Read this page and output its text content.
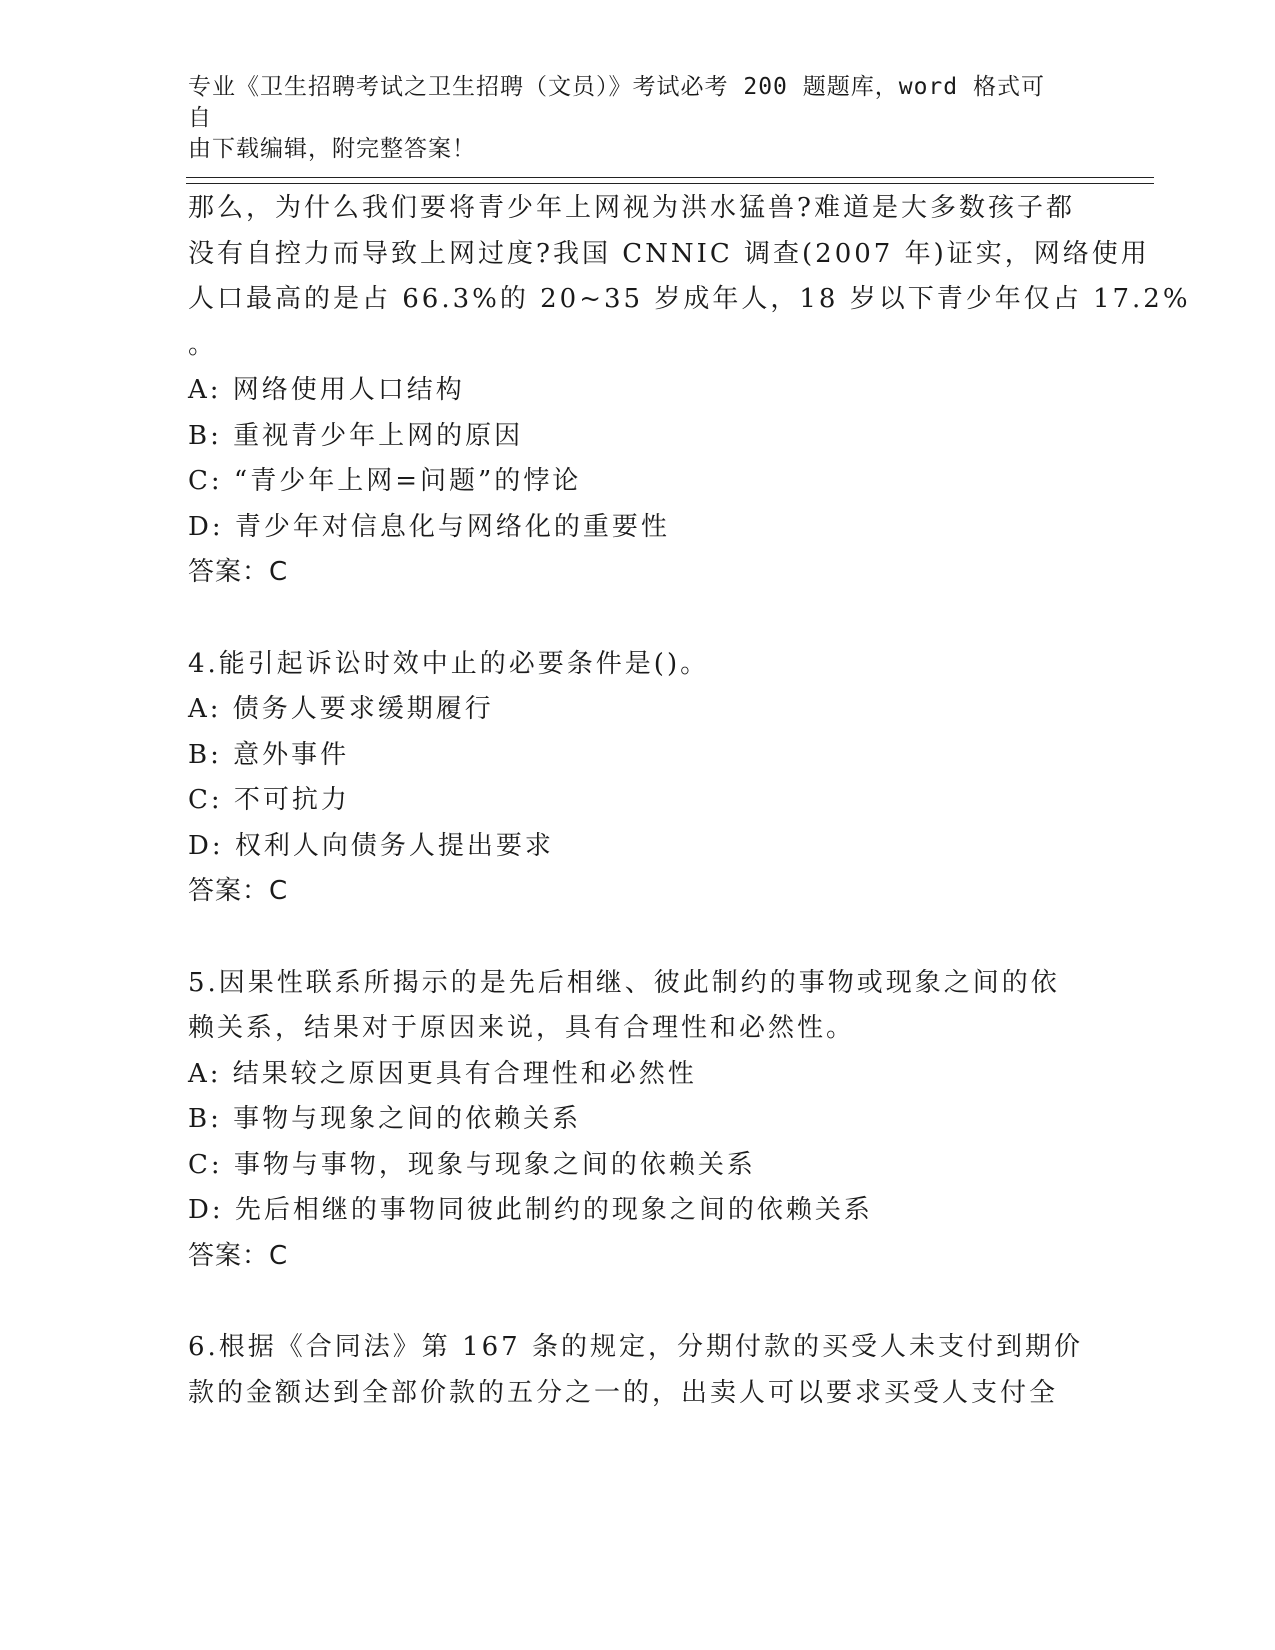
专业《卫生招聘考试之卫生招聘（文员）》考试必考 200 题题库，word 格式可自
由下载编辑，附完整答案！
那么，为什么我们要将青少年上网视为洪水猛兽?难道是大多数孩子都
没有自控力而导致上网过度?我国 CNNIC 调查(2007 年)证实，网络使用
人口最高的是占 66.3%的 20~35 岁成年人，18 岁以下青少年仅占 17.2%
。
A: 网络使用人口结构
B: 重视青少年上网的原因
C: “青少年上网=问题”的悖论
D: 青少年对信息化与网络化的重要性
答案：C
4.能引起诉讼时效中止的必要条件是()。
A: 债务人要求缓期履行
B: 意外事件
C: 不可抗力
D: 权利人向债务人提出要求
答案：C
5.因果性联系所揭示的是先后相继、彼此制约的事物或现象之间的依
赖关系，结果对于原因来说，具有合理性和必然性。
A: 结果较之原因更具有合理性和必然性
B: 事物与现象之间的依赖关系
C: 事物与事物，现象与现象之间的依赖关系
D: 先后相继的事物同彼此制约的现象之间的依赖关系
答案：C
6.根据《合同法》第 167 条的规定，分期付款的买受人未支付到期价
款的金额达到全部价款的五分之一的，出卖人可以要求买受人支付全
